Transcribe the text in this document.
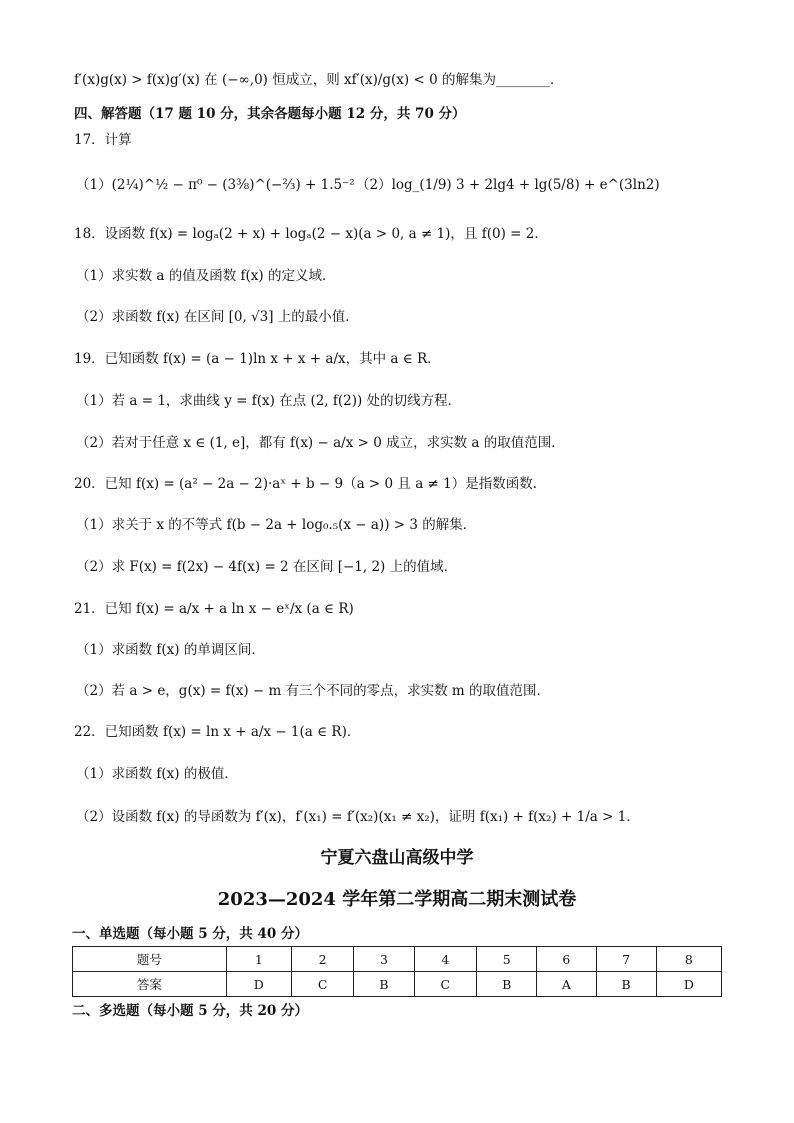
f′(x)g(x) > f(x)g′(x) 在 (−∞,0) 恒成立，则 xf′(x)/g(x) < 0 的解集为________．
四、解答题（17 题 10 分，其余各题每小题 12 分，共 70 分）
17．计算
（1）(2¼)^½ − π⁰ − (3⅜)^(−⅔) + 1.5⁻² （2）log_(1/9) 3 + 2lg4 + lg(5/8) + e^(3ln2)
18．设函数 f(x) = logₐ(2 + x) + logₐ(2 − x)(a > 0, a ≠ 1)，且 f(0) = 2．
（1）求实数 a 的值及函数 f(x) 的定义域．
（2）求函数 f(x) 在区间 [0, √3] 上的最小值．
19．已知函数 f(x) = (a − 1)ln x + x + a/x，其中 a ∈ R．
（1）若 a = 1，求曲线 y = f(x) 在点 (2, f(2)) 处的切线方程．
（2）若对于任意 x ∈ (1, e]，都有 f(x) − a/x > 0 成立，求实数 a 的取值范围．
20．已知 f(x) = (a² − 2a − 2)·aˣ + b − 9（a > 0 且 a ≠ 1）是指数函数．
（1）求关于 x 的不等式 f(b − 2a + log₀.₅(x − a)) > 3 的解集．
（2）求 F(x) = f(2x) − 4f(x) = 2 在区间 [−1, 2) 上的值域．
21．已知 f(x) = a/x + a ln x − eˣ/x (a ∈ R)
（1）求函数 f(x) 的单调区间．
（2）若 a > e，g(x) = f(x) − m 有三个不同的零点，求实数 m 的取值范围．
22．已知函数 f(x) = ln x + a/x − 1(a ∈ R)．
（1）求函数 f(x) 的极值．
（2）设函数 f(x) 的导函数为 f′(x)，f′(x₁) = f′(x₂)(x₁ ≠ x₂)，证明 f(x₁) + f(x₂) + 1/a > 1．
宁夏六盘山高级中学
2023—2024 学年第二学期高二期末测试卷
一、单选题（每小题 5 分，共 40 分）
题号	1	2	3	4	5	6	7	8
答案	D	C	B	C	B	A	B	D
二、多选题（每小题 5 分，共 20 分）
